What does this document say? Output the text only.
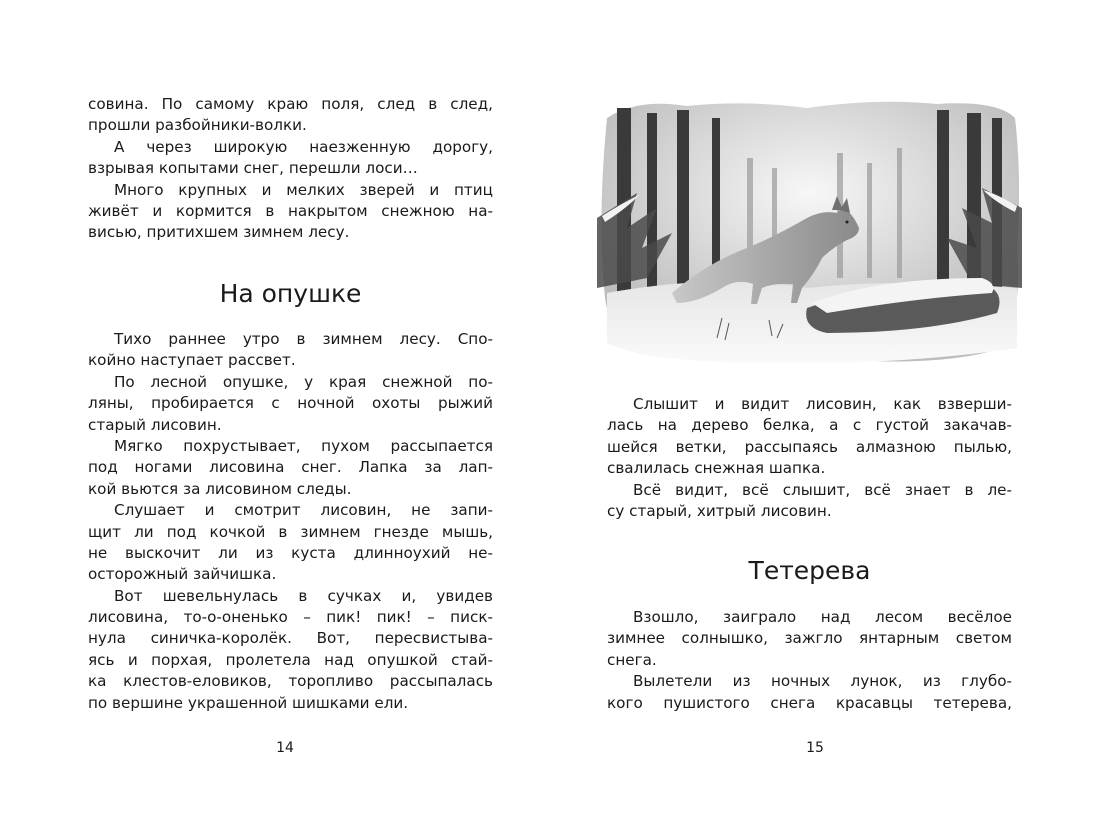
совина. По самому краю поля, след в след,
прошли разбойники-волки.
А через широкую наезженную дорогу,
взрывая копытами снег, перешли лоси…
Много крупных и мелких зверей и птиц
живёт и кормится в накрытом снежною на-
висью, притихшем зимнем лесу.
На опушке
Тихо раннее утро в зимнем лесу. Спо-
койно наступает рассвет.
По лесной опушке, у края снежной по-
ляны, пробирается с ночной охоты рыжий
старый лисовин.
Мягко похрустывает, пухом рассыпается
под ногами лисовина снег. Лапка за лап-
кой вьются за лисовином следы.
Слушает и смотрит лисовин, не запи-
щит ли под кочкой в зимнем гнезде мышь,
не выскочит ли из куста длинноухий не-
осторожный зайчишка.
Вот шевельнулась в сучках и, увидев
лисовина, то-о-оненько – пик! пик! – писк-
нула синичка-королёк. Вот, пересвистыва-
ясь и порхая, пролетела над опушкой стай-
ка клестов-еловиков, торопливо рассыпалась
по вершине украшенной шишками ели.
14
Слышит и видит лисовин, как взверши-
лась на дерево белка, а с густой закачав-
шейся ветки, рассыпаясь алмазною пылью,
свалилась снежная шапка.
Всё видит, всё слышит, всё знает в ле-
су старый, хитрый лисовин.
Тетерева
Взошло, заиграло над лесом весёлое
зимнее солнышко, зажгло янтарным светом
снега.
Вылетели из ночных лунок, из глубо-
кого пушистого снега красавцы тетерева,
15
